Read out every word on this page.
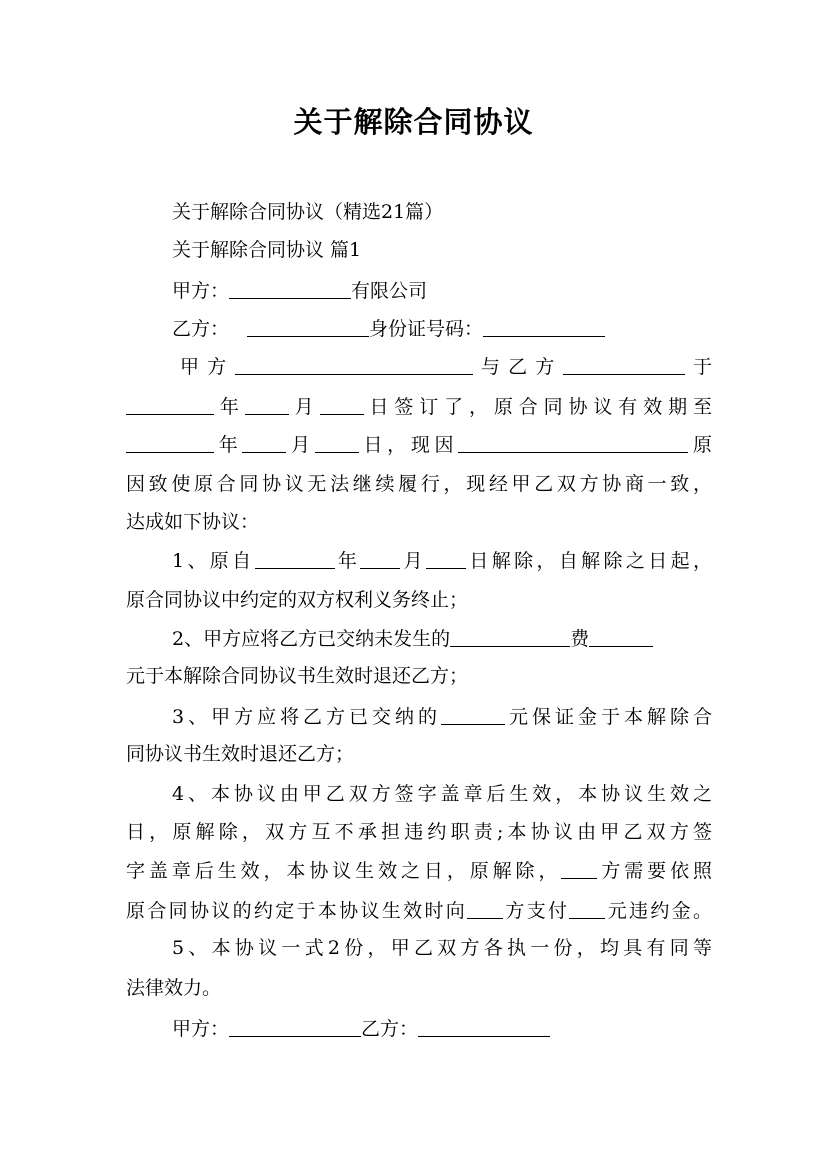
关于解除合同协议
关于解除合同协议（精选21篇）
关于解除合同协议 篇1
甲方：	有限公司
乙方：	身份证号码：
甲方	与乙方	于
年 月 日签订了，原合同协议有效期至
年 月 日，现因	原
因致使原合同协议无法继续履行，现经甲乙双方协商一致，
达成如下协议：
1、原自	年 月 日解除，自解除之日起，
原合同协议中约定的双方权利义务终止；
2、甲方应将乙方已交纳未发生的	费
元于本解除合同协议书生效时退还乙方；
3、甲方应将乙方已交纳的	元保证金于本解除合
同协议书生效时退还乙方；
4、本协议由甲乙双方签字盖章后生效，本协议生效之
日，原解除，双方互不承担违约职责;本协议由甲乙双方签
字盖章后生效，本协议生效之日，原解除， 方需要依照
原合同协议的约定于本协议生效时向 方支付 元违约金。
5、本协议一式2份，甲乙双方各执一份，均具有同等
法律效力。
甲方：	乙方：
